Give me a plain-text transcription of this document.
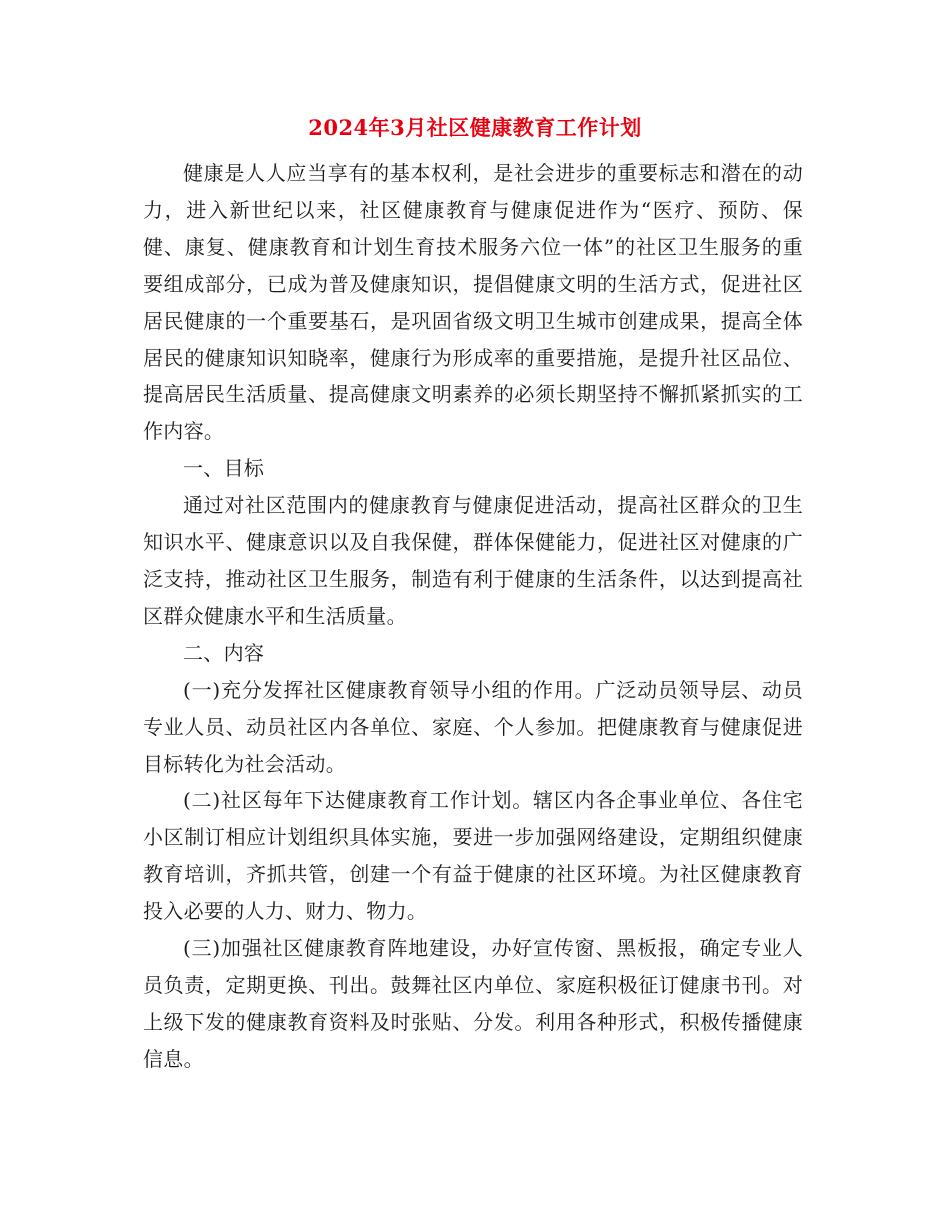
2024年3月社区健康教育工作计划

健康是人人应当享有的基本权利，是社会进步的重要标志和潜在的动力，进入新世纪以来，社区健康教育与健康促进作为“医疗、预防、保健、康复、健康教育和计划生育技术服务六位一体”的社区卫生服务的重要组成部分，已成为普及健康知识，提倡健康文明的生活方式，促进社区居民健康的一个重要基石，是巩固省级文明卫生城市创建成果，提高全体居民的健康知识知晓率，健康行为形成率的重要措施，是提升社区品位、提高居民生活质量、提高健康文明素养的必须长期坚持不懈抓紧抓实的工作内容。

一、目标

通过对社区范围内的健康教育与健康促进活动，提高社区群众的卫生知识水平、健康意识以及自我保健，群体保健能力，促进社区对健康的广泛支持，推动社区卫生服务，制造有利于健康的生活条件，以达到提高社区群众健康水平和生活质量。

二、内容

(一)充分发挥社区健康教育领导小组的作用。广泛动员领导层、动员专业人员、动员社区内各单位、家庭、个人参加。把健康教育与健康促进目标转化为社会活动。

(二)社区每年下达健康教育工作计划。辖区内各企事业单位、各住宅小区制订相应计划组织具体实施，要进一步加强网络建设，定期组织健康教育培训，齐抓共管，创建一个有益于健康的社区环境。为社区健康教育投入必要的人力、财力、物力。

(三)加强社区健康教育阵地建设，办好宣传窗、黑板报，确定专业人员负责，定期更换、刊出。鼓舞社区内单位、家庭积极征订健康书刊。对上级下发的健康教育资料及时张贴、分发。利用各种形式，积极传播健康信息。
